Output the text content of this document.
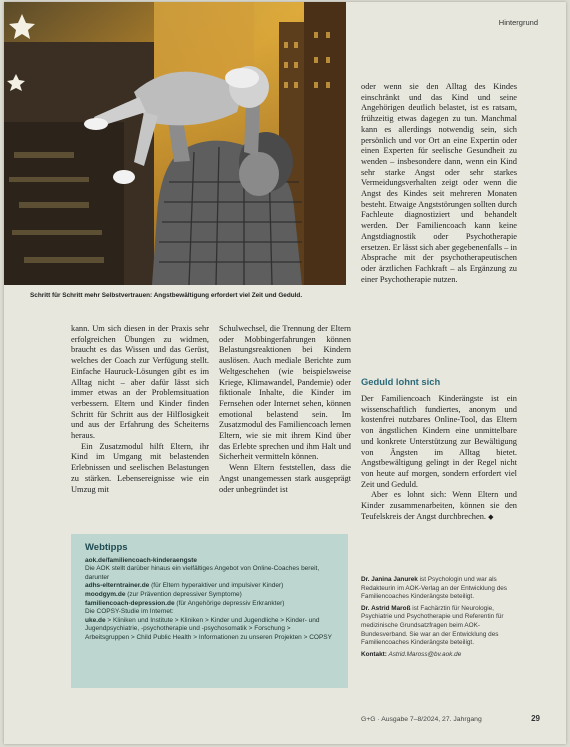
Hintergrund
Schritt für Schritt mehr Selbstvertrauen: Angstbewältigung erfordert viel Zeit und Geduld.

oder wenn sie den Alltag des Kindes einschränkt und das Kind und seine Angehörigen deutlich belastet, ist es ratsam, frühzeitig etwas dagegen zu tun. Manchmal kann es allerdings notwendig sein, sich persönlich und vor Ort an eine Expertin oder einen Experten für seelische Gesundheit zu wenden – insbesondere dann, wenn ein Kind sehr starke Angst oder sehr starkes Vermeidungsverhalten zeigt oder wenn die Angst des Kindes seit mehreren Monaten besteht. Etwaige Angststörungen sollten durch Fachleute diagnostiziert und behandelt werden. Der Familiencoach kann keine Angstdiagnostik oder Psychotherapie ersetzen. Er lässt sich aber gegebenenfalls – in Absprache mit der psychotherapeutischen oder ärztlichen Fachkraft – als Ergänzung zu einer Psychotherapie nutzen.

Geduld lohnt sich

Der Familiencoach Kinderängste ist ein wissenschaftlich fundiertes, anonym und kostenfrei nutzbares Online-Tool, das Eltern von ängstlichen Kindern eine unmittelbare und konkrete Unterstützung zur Bewältigung von Ängsten im Alltag bietet. Angstbewältigung gelingt in der Regel nicht von heute auf morgen, sondern erfordert viel Zeit und Geduld.

Aber es lohnt sich: Wenn Eltern und Kinder zusammenarbeiten, können sie den Teufelskreis der Angst durchbrechen. ◆

kann. Um sich diesen in der Praxis sehr erfolgreichen Übungen zu widmen, braucht es das Wissen und das Gerüst, welches der Coach zur Verfügung stellt. Einfache Hauruck-Lösungen gibt es im Alltag nicht – aber dafür lässt sich immer etwas an der Problemsituation verbessern. Eltern und Kinder finden Schritt für Schritt aus der Hilflosigkeit und aus der Erfahrung des Scheiterns heraus.

Ein Zusatzmodul hilft Eltern, ihr Kind im Umgang mit belastenden Erlebnissen und seelischen Belastungen zu stärken. Lebensereignisse wie ein Umzug mit

Schulwechsel, die Trennung der Eltern oder Mobbingerfahrungen können Belastungsreaktionen bei Kindern auslösen. Auch mediale Berichte zum Weltgeschehen (wie beispielsweise Kriege, Klimawandel, Pandemie) oder fiktionale Inhalte, die Kinder im Fernsehen oder Internet sehen, können emotional belastend sein. Im Zusatzmodul des Familiencoach lernen Eltern, wie sie mit ihrem Kind über das Erlebte sprechen und ihm Halt und Sicherheit vermitteln können.

Wenn Eltern feststellen, dass die Angst unangemessen stark ausgeprägt oder unbegründet ist

Webtipps
aok.de/familiencoach-kinderaengste
Die AOK stellt darüber hinaus ein vielfältiges Angebot von Online-Coaches bereit, darunter
adhs-elterntrainer.de (für Eltern hyperaktiver und impulsiver Kinder)
moodgym.de (zur Prävention depressiver Symptome)
familiencoach-depression.de (für Angehörige depressiv Erkrankter)
Die COPSY-Studie im Internet:
uke.de > Kliniken und Institute > Kliniken > Kinder und Jugendliche > Kinder- und Jugendpsychiatrie, -psychotherapie und -psychosomatik > Forschung > Arbeitsgruppen > Child Public Health > Informationen zu unseren Projekten > COPSY

Dr. Janina Janurek ist Psychologin und war als Redakteurin im AOK-Verlag an der Entwicklung des Familiencoaches Kinderängste beteiligt.

Dr. Astrid Maroß ist Fachärztin für Neurologie, Psychiatrie und Psychotherapie und Referentin für medizinische Grundsatzfragen beim AOK-Bundesverband. Sie war an der Entwicklung des Familiencoaches Kinderängste beteiligt.

Kontakt: Astrid.Maross@bv.aok.de

G+G · Ausgabe 7–8/2024, 27. Jahrgang	29
